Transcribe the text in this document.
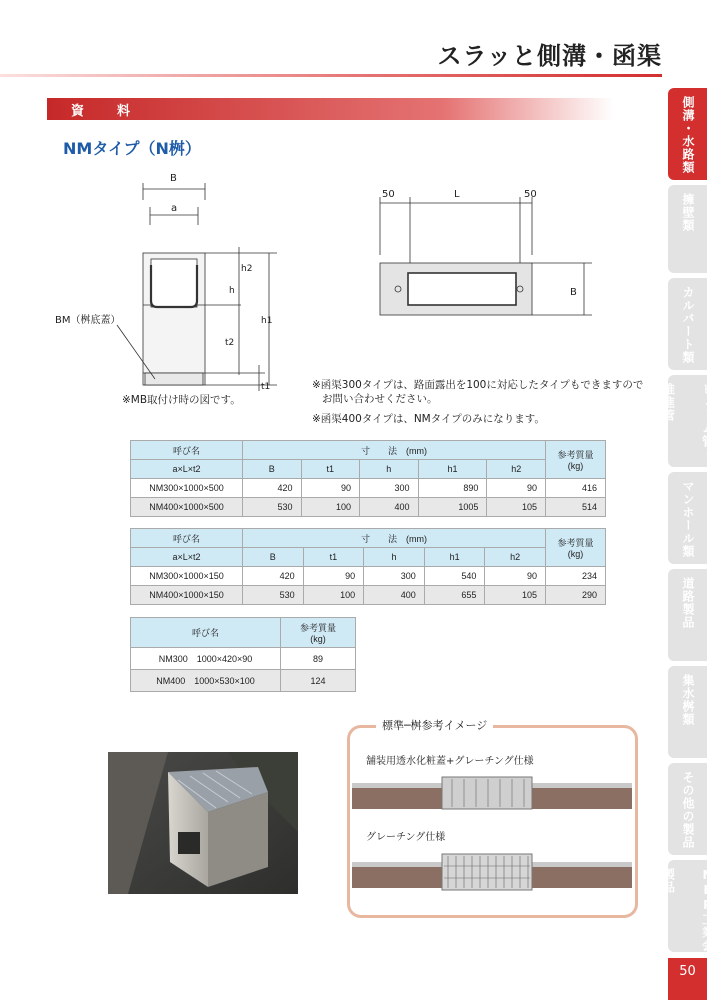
スラッと側溝・函渠
資　料
NMタイプ（N桝）	側溝・水路類
擁壁類
カルバート類
ヒューム管・推進管
マンホール類
道路製品
集水桝類
その他の製品
NEP工業会製品
50
B
a
h2
h
h1
t2
t1
BM（桝底蓋）
※MB取付け時の図です。
50	L	50
B
※函渠300タイプは、路面露出を100に対応したタイプもできますので
お問い合わせください。
※函渠400タイプは、NMタイプのみになります。
呼び名	寸　　法　(mm)					参考質量
(kg)

a×L×t2	B	t1	h	h1	h2	
NM300×1000×500	420	90	300	890	90	416
NM400×1000×500	530	100	400	1005	105	514
呼び名	寸　　法　(mm)					参考質量
(kg)

a×L×t2	B	t1	h	h1	h2	
NM300×1000×150	420	90	300	540	90	234
NM400×1000×150	530	100	400	655	105	290
呼び名	参考質量
(kg)

NM300　1000×420×90	89
NM400　1000×530×100	124
標準─桝参考イメージ
舗装用透水化粧蓋+グレーチング仕様
グレーチング仕様
